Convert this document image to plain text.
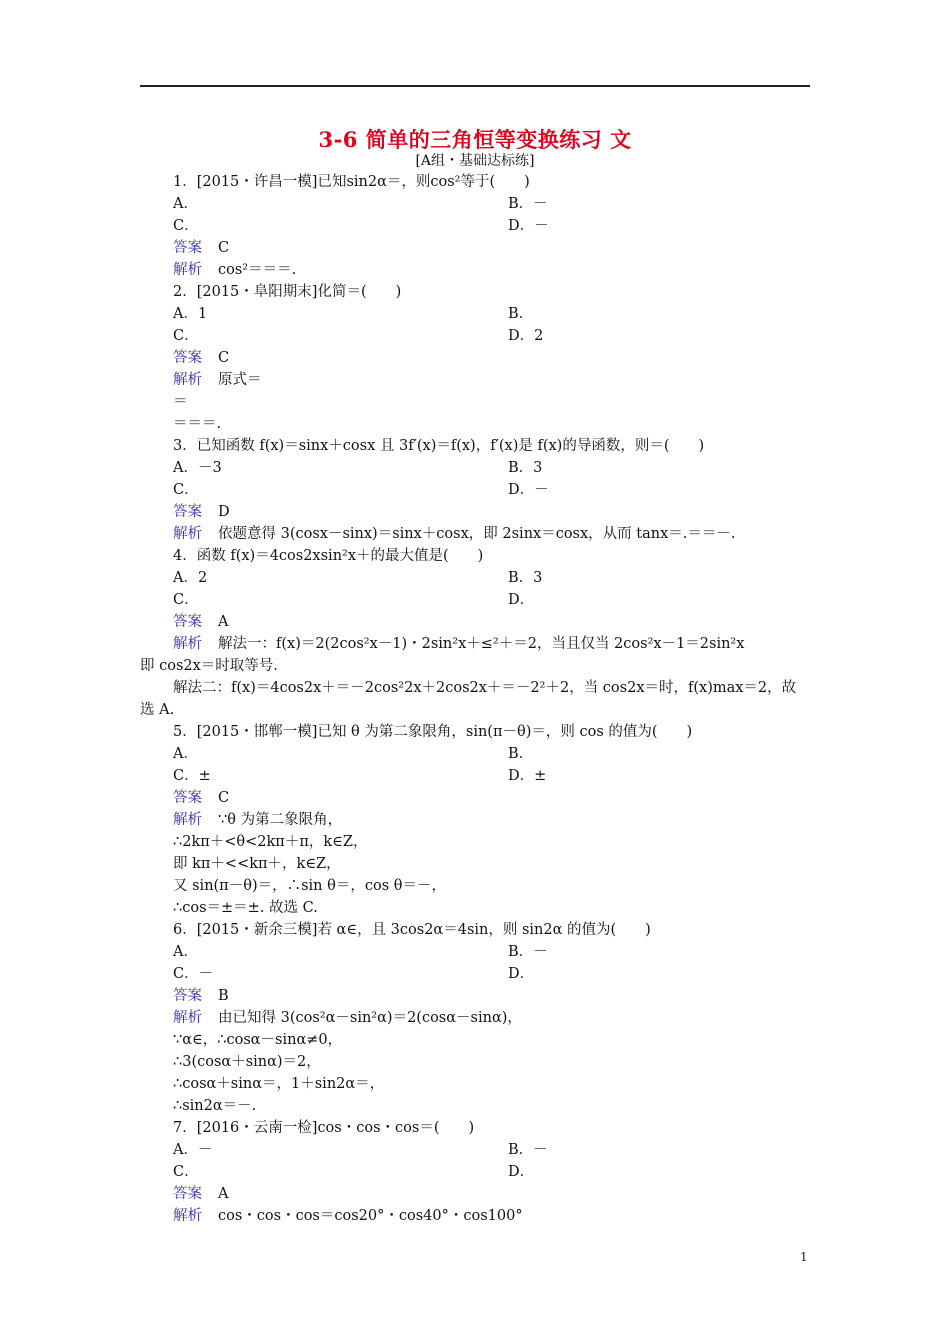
3-6 简单的三角恒等变换练习 文
[A组・基础达标练]
1．[2015・许昌一模]已知sin2α＝，则cos²等于(　　)
A．	B．－
C．	D．－
答案 C
解析 cos²＝＝＝.
2．[2015・阜阳期末]化简＝(　　)
A．1	B．
C．	D．2
答案 C
解析 原式＝
＝
＝＝＝.
3．已知函数 f(x)＝sinx＋cosx 且 3f′(x)＝f(x)，f′(x)是 f(x)的导函数，则＝(　　)
A．－3	B．3
C．	D．－
答案 D
解析 依题意得 3(cosx－sinx)＝sinx＋cosx，即 2sinx＝cosx，从而 tanx＝.＝＝－.
4．函数 f(x)＝4cos2xsin²x＋的最大值是(　　)
A．2	B．3
C．	D．
答案 A
解析 解法一：f(x)＝2(2cos²x－1)・2sin²x＋≤²＋＝2，当且仅当 2cos²x－1＝2sin²x
即 cos2x＝时取等号.
解法二：f(x)＝4cos2x＋＝－2cos²2x＋2cos2x＋＝－2²＋2，当 cos2x＝时，f(x)max＝2，故
选 A.
5．[2015・邯郸一模]已知 θ 为第二象限角，sin(π－θ)＝，则 cos 的值为(　　)
A．	B．
C．±	D．±
答案 C
解析 ∵θ 为第二象限角，
∴2kπ＋<θ<2kπ＋π，k∈Z，
即 kπ＋<<kπ＋，k∈Z，
又 sin(π－θ)＝，∴sin θ＝，cos θ＝－，
∴cos＝±＝±. 故选 C.
6．[2015・新余三模]若 α∈，且 3cos2α＝4sin，则 sin2α 的值为(　　)
A．	B．－
C．－	D．
答案 B
解析 由已知得 3(cos²α－sin²α)＝2(cosα－sinα)，
∵α∈，∴cosα－sinα≠0，
∴3(cosα＋sinα)＝2，
∴cosα＋sinα＝，1＋sin2α＝，
∴sin2α＝－.
7．[2016・云南一检]cos・cos・cos＝(　　)
A．－	B．－
C．	D．
答案 A
解析 cos・cos・cos＝cos20°・cos40°・cos100°
1
